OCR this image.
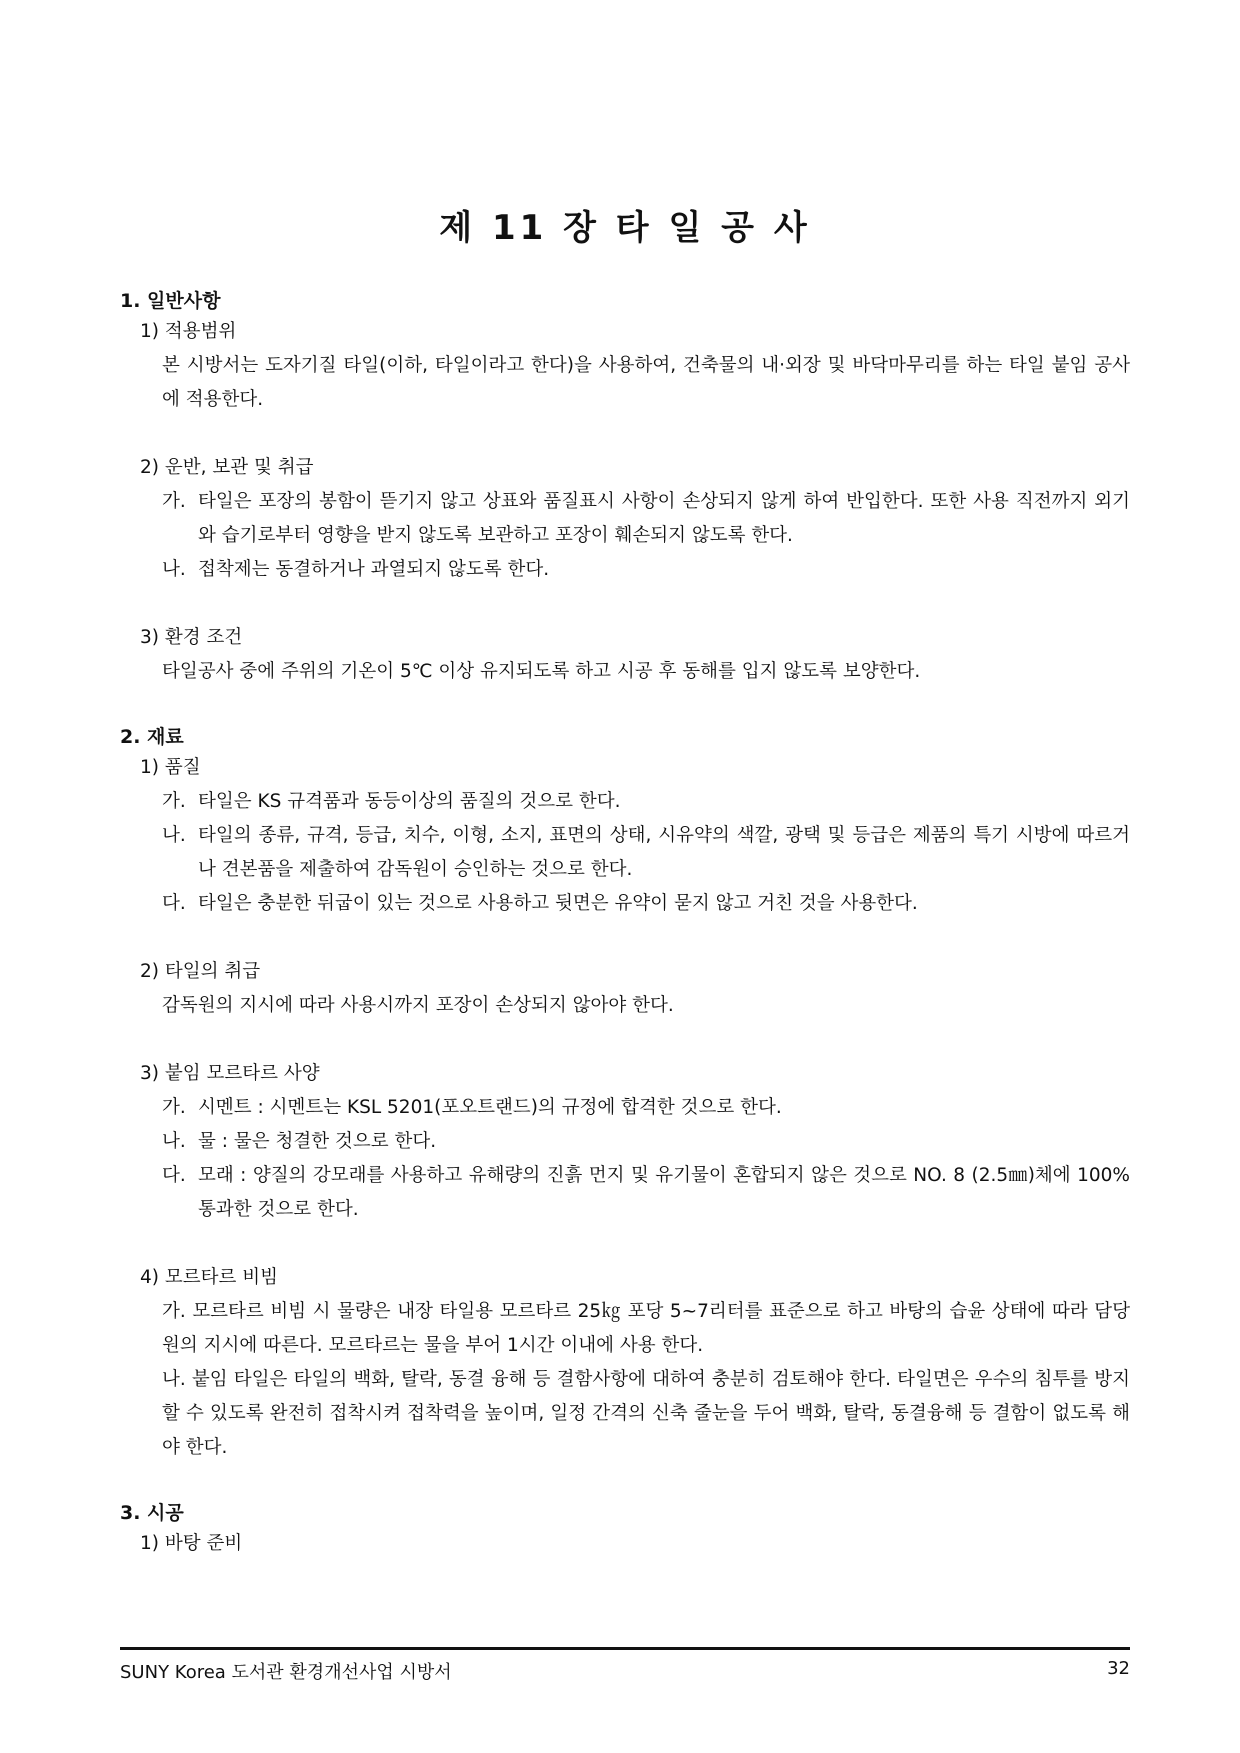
제 11 장 타 일 공 사
1. 일반사항
1) 적용범위
본 시방서는 도자기질 타일(이하, 타일이라고 한다)을 사용하여, 건축물의 내·외장 및 바닥마무리를 하는 타일 붙임 공사에 적용한다.
2) 운반, 보관 및 취급
가. 타일은 포장의 봉함이 뜯기지 않고 상표와 품질표시 사항이 손상되지 않게 하여 반입한다. 또한 사용 직전까지 외기와 습기로부터 영향을 받지 않도록 보관하고 포장이 훼손되지 않도록 한다.
나. 접착제는 동결하거나 과열되지 않도록 한다.
3) 환경 조건
타일공사 중에 주위의 기온이 5℃ 이상 유지되도록 하고 시공 후 동해를 입지 않도록 보양한다.
2. 재료
1) 품질
가. 타일은 KS 규격품과 동등이상의 품질의 것으로 한다.
나. 타일의 종류, 규격, 등급, 치수, 이형, 소지, 표면의 상태, 시유약의 색깔, 광택 및 등급은 제품의 특기 시방에 따르거나 견본품을 제출하여 감독원이 승인하는 것으로 한다.
다. 타일은 충분한 뒤굽이 있는 것으로 사용하고 뒷면은 유약이 묻지 않고 거친 것을 사용한다.
2) 타일의 취급
감독원의 지시에 따라 사용시까지 포장이 손상되지 않아야 한다.
3) 붙임 모르타르 사양
가. 시멘트 : 시멘트는 KSL 5201(포오트랜드)의 규정에 합격한 것으로 한다.
나. 물 : 물은 청결한 것으로 한다.
다. 모래 : 양질의 강모래를 사용하고 유해량의 진흙 먼지 및 유기물이 혼합되지 않은 것으로 NO. 8 (2.5㎜)체에 100% 통과한 것으로 한다.
4) 모르타르 비빔
가. 모르타르 비빔 시 물량은 내장 타일용 모르타르 25㎏ 포당 5~7리터를 표준으로 하고 바탕의 습윤 상태에 따라 담당원의 지시에 따른다. 모르타르는 물을 부어 1시간 이내에 사용 한다.
나. 붙임 타일은 타일의 백화, 탈락, 동결 융해 등 결함사항에 대하여 충분히 검토해야 한다. 타일면은 우수의 침투를 방지 할 수 있도록 완전히 접착시켜 접착력을 높이며, 일정 간격의 신축 줄눈을 두어 백화, 탈락, 동결융해 등 결함이 없도록 해야 한다.
3. 시공
1) 바탕 준비
SUNY Korea 도서관 환경개선사업 시방서	32
